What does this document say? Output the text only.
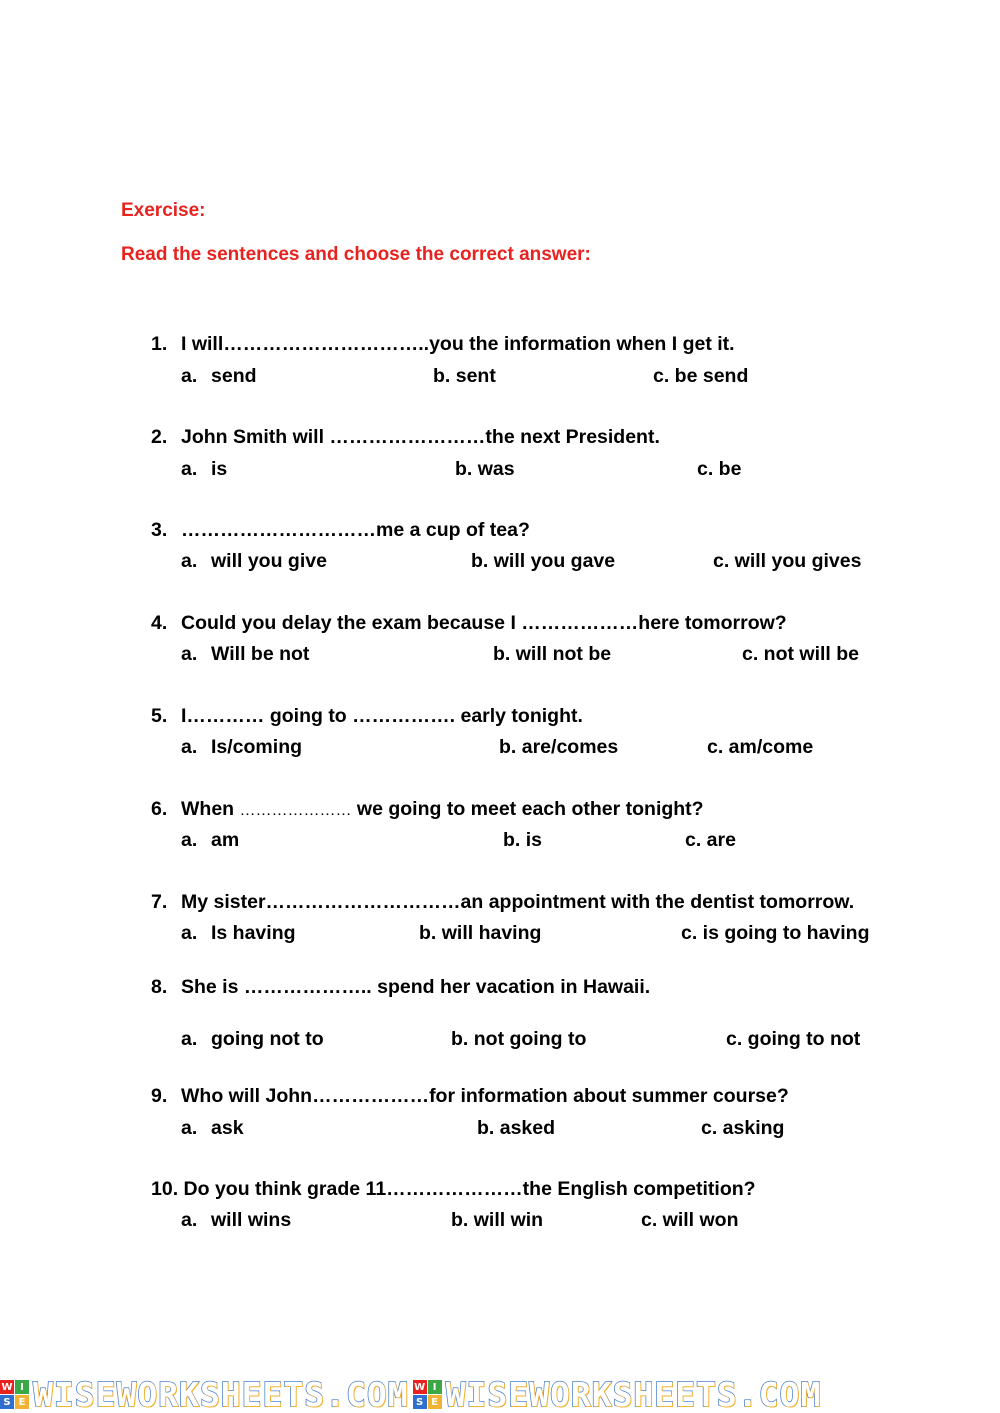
Exercise:
Read the sentences and choose the correct answer:
1. I will…………………………..you the information when I get it.
a. send	b. sent	c. be send
2. John Smith will ……………………the next President.
a. is	b. was	c. be
3. …………………………me a cup of tea?
a. will you give	b. will you gave	c. will you gives
4. Could you delay the exam because I ………………here tomorrow?
a. Will be not	b. will not be	c. not will be
5. I………… going to ……………. early tonight.
a. Is/coming	b. are/comes	c. am/come
6. When ………………… we going to meet each other tonight?
a. am	b. is	c. are
7. My sister…………………………an appointment with the dentist tomorrow.
a. Is having	b. will having	c. is going to having
8. She is ……………….. spend her vacation in Hawaii.
a. going not to	b. not going to	c. going to not
9. Who will John………………for information about summer course?
a. ask	b. asked	c. asking
10. Do you think grade 11…………………the English competition?
a. will wins	b. will win	c. will won
W I
S E WISEWORKSHEETS.COM W I
S E WISEWORKSHEETS.COM
